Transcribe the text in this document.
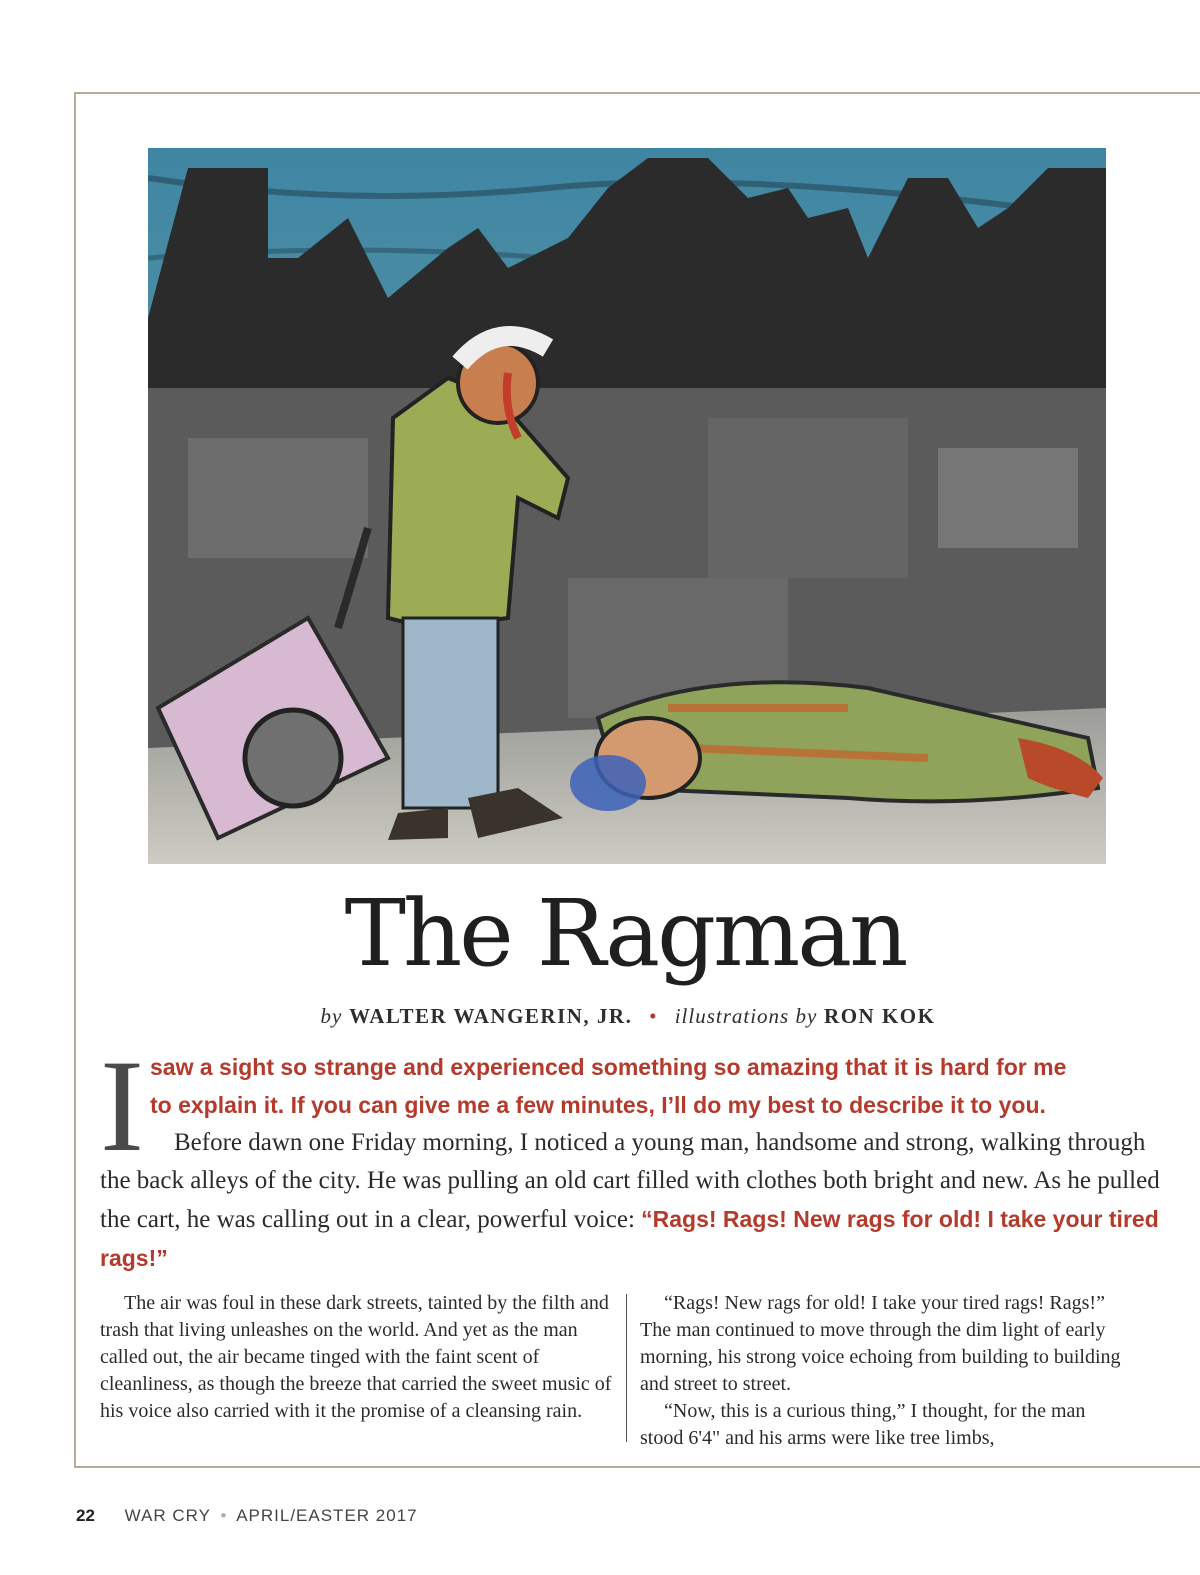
The Ragman
by WALTER WANGERIN, JR. • illustrations by RON KOK
I saw a sight so strange and experienced something so amazing that it is hard for me
to explain it. If you can give me a few minutes, I’ll do my best to describe it to you.
Before dawn one Friday morning, I noticed a young man, handsome and strong, walking through the back alleys of the city. He was pulling an old cart filled with clothes both bright and new. As he pulled the cart, he was calling out in a clear, powerful voice: “Rags! Rags! New rags for old! I take your tired rags!”

The air was foul in these dark streets, tainted by the filth and trash that living unleashes on the world. And yet as the man called out, the air became tinged with the faint scent of cleanliness, as though the breeze that carried the sweet music of his voice also carried with it the promise of a cleansing rain.

“Rags! New rags for old! I take your tired rags! Rags!” The man continued to move through the dim light of early morning, his strong voice echoing from building to building and street to street.

“Now, this is a curious thing,” I thought, for the man stood 6'4" and his arms were like tree limbs,

22 WAR CRY • APRIL/EASTER 2017
